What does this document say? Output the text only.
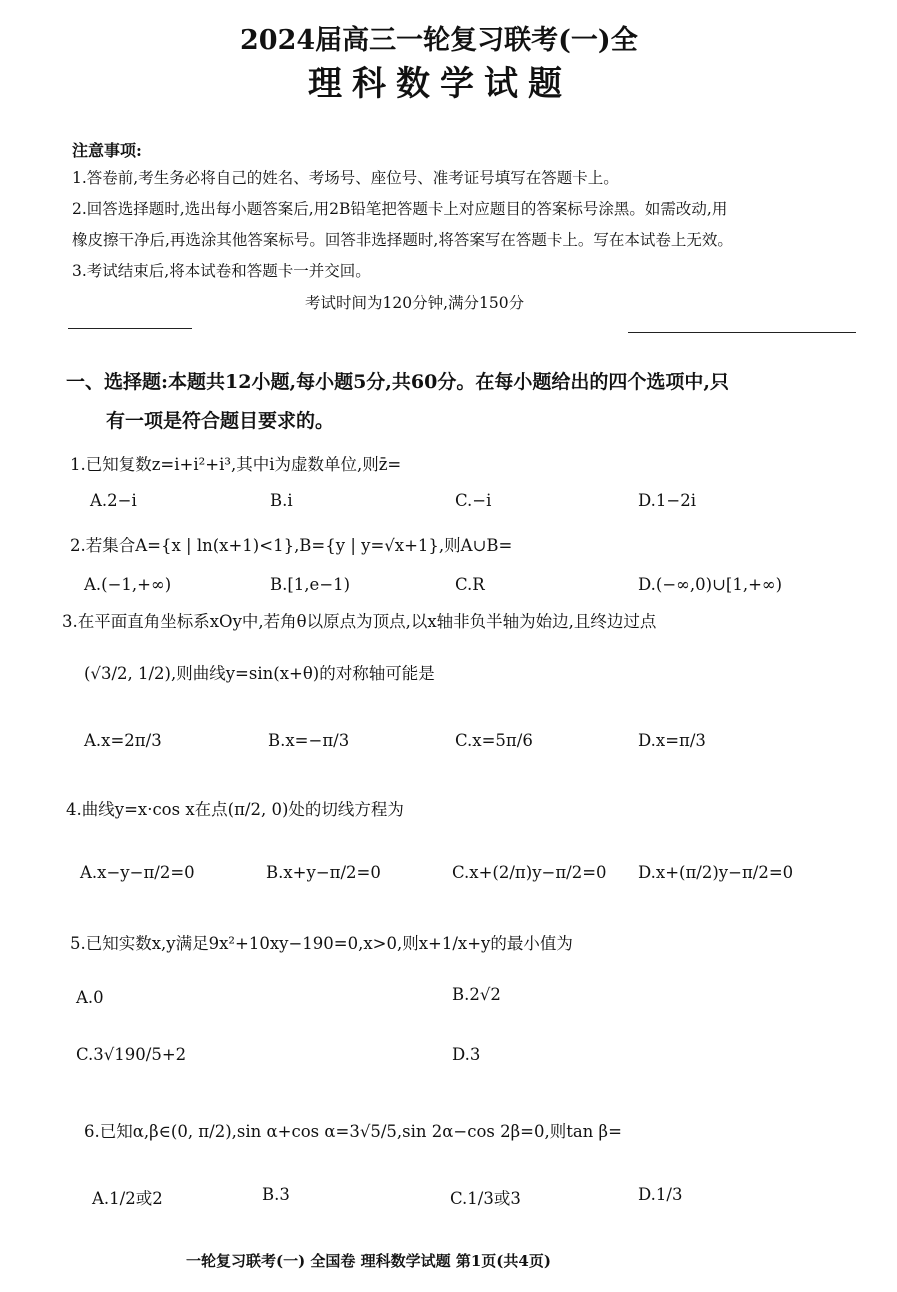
2024届高三一轮复习联考(一)全
理科数学试题
注意事项:
1.答卷前,考生务必将自己的姓名、考场号、座位号、准考证号填写在答题卡上。
2.回答选择题时,选出每小题答案后,用2B铅笔把答题卡上对应题目的答案标号涂黑。如需改动,用
橡皮擦干净后,再选涂其他答案标号。回答非选择题时,将答案写在答题卡上。写在本试卷上无效。
3.考试结束后,将本试卷和答题卡一并交回。
考试时间为120分钟,满分150分
一、选择题:本题共12小题,每小题5分,共60分。在每小题给出的四个选项中,只
有一项是符合题目要求的。
1.已知复数z=i+i²+i³,其中i为虚数单位,则z̄=
A.2−i	B.i	C.−i	D.1−2i
2.若集合A={x | ln(x+1)<1},B={y | y=√x+1},则A∪B=
A.(−1,+∞)	B.[1,e−1)	C.R	D.(−∞,0)∪[1,+∞)
3.在平面直角坐标系xOy中,若角θ以原点为顶点,以x轴非负半轴为始边,且终边过点
(√3/2, 1/2),则曲线y=sin(x+θ)的对称轴可能是
A.x=2π/3	B.x=−π/3	C.x=5π/6	D.x=π/3
4.曲线y=x·cos x在点(π/2, 0)处的切线方程为
A.x−y−π/2=0	B.x+y−π/2=0	C.x+(2/π)y−π/2=0 D.x+(π/2)y−π/2=0
5.已知实数x,y满足9x²+10xy−190=0,x>0,则x+1/x+y的最小值为
A.0	B.2√2
C.3√190/5+2	D.3
6.已知α,β∈(0, π/2),sin α+cos α=3√5/5,sin 2α−cos 2β=0,则tan β=
A.1/2或2	B.3	C.1/3或3	D.1/3
一轮复习联考(一) 全国卷 理科数学试题 第1页(共4页)
